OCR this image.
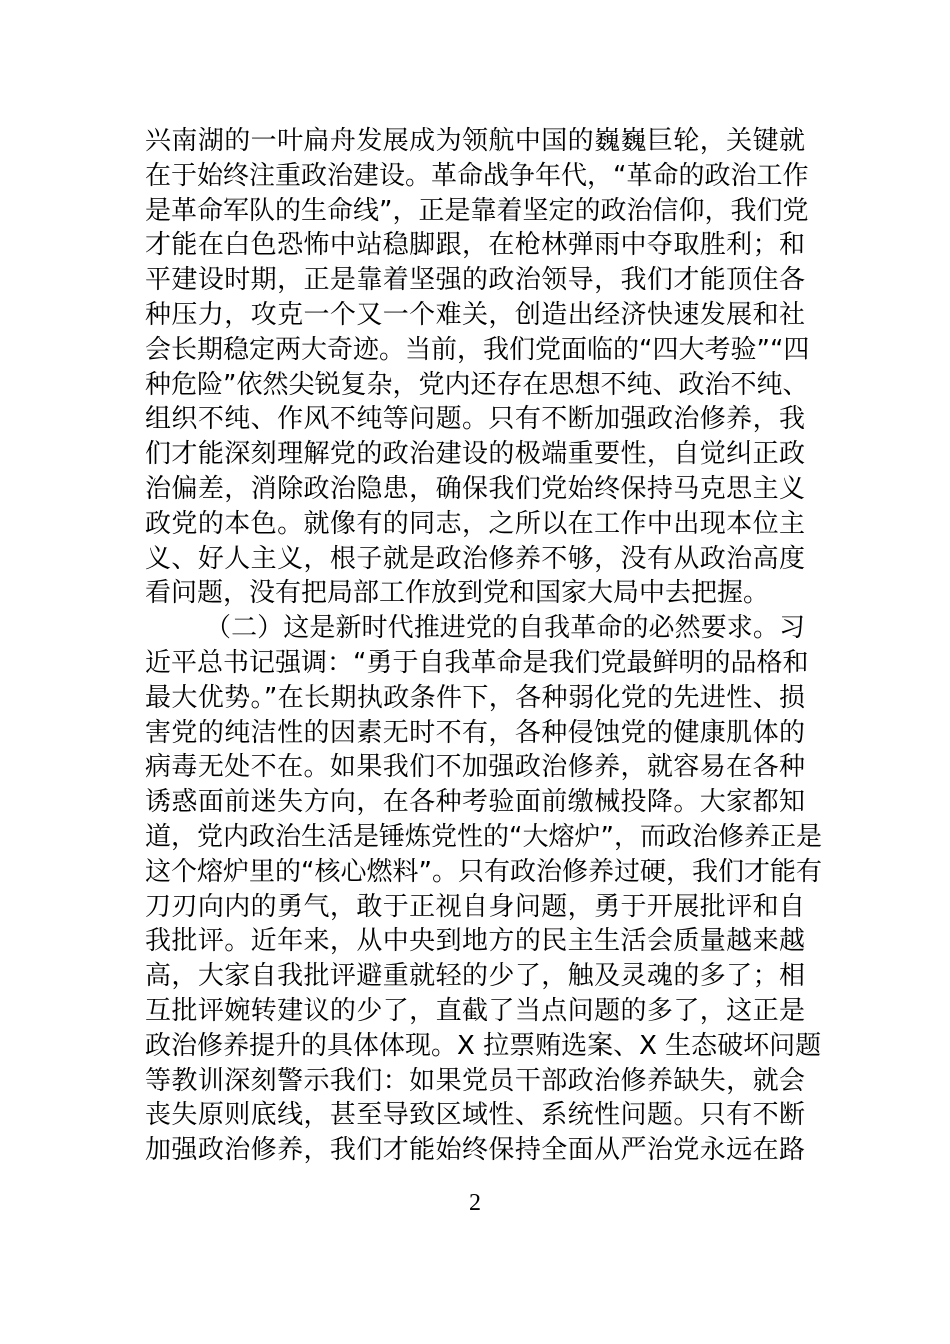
兴南湖的一叶扁舟发展成为领航中国的巍巍巨轮，关键就
在于始终注重政治建设。革命战争年代，“革命的政治工作
是革命军队的生命线”，正是靠着坚定的政治信仰，我们党
才能在白色恐怖中站稳脚跟，在枪林弹雨中夺取胜利；和
平建设时期，正是靠着坚强的政治领导，我们才能顶住各
种压力，攻克一个又一个难关，创造出经济快速发展和社
会长期稳定两大奇迹。当前，我们党面临的“四大考验”“四
种危险”依然尖锐复杂，党内还存在思想不纯、政治不纯、
组织不纯、作风不纯等问题。只有不断加强政治修养，我
们才能深刻理解党的政治建设的极端重要性，自觉纠正政
治偏差，消除政治隐患，确保我们党始终保持马克思主义
政党的本色。就像有的同志，之所以在工作中出现本位主
义、好人主义，根子就是政治修养不够，没有从政治高度
看问题，没有把局部工作放到党和国家大局中去把握。
（二）这是新时代推进党的自我革命的必然要求。习
近平总书记强调：“勇于自我革命是我们党最鲜明的品格和
最大优势。”在长期执政条件下，各种弱化党的先进性、损
害党的纯洁性的因素无时不有，各种侵蚀党的健康肌体的
病毒无处不在。如果我们不加强政治修养，就容易在各种
诱惑面前迷失方向，在各种考验面前缴械投降。大家都知
道，党内政治生活是锤炼党性的“大熔炉”，而政治修养正是
这个熔炉里的“核心燃料”。只有政治修养过硬，我们才能有
刀刃向内的勇气，敢于正视自身问题，勇于开展批评和自
我批评。近年来，从中央到地方的民主生活会质量越来越
高，大家自我批评避重就轻的少了，触及灵魂的多了；相
互批评婉转建议的少了，直截了当点问题的多了，这正是
政治修养提升的具体体现。X 拉票贿选案、X 生态破坏问题
等教训深刻警示我们：如果党员干部政治修养缺失，就会
丧失原则底线，甚至导致区域性、系统性问题。只有不断
加强政治修养，我们才能始终保持全面从严治党永远在路
2
